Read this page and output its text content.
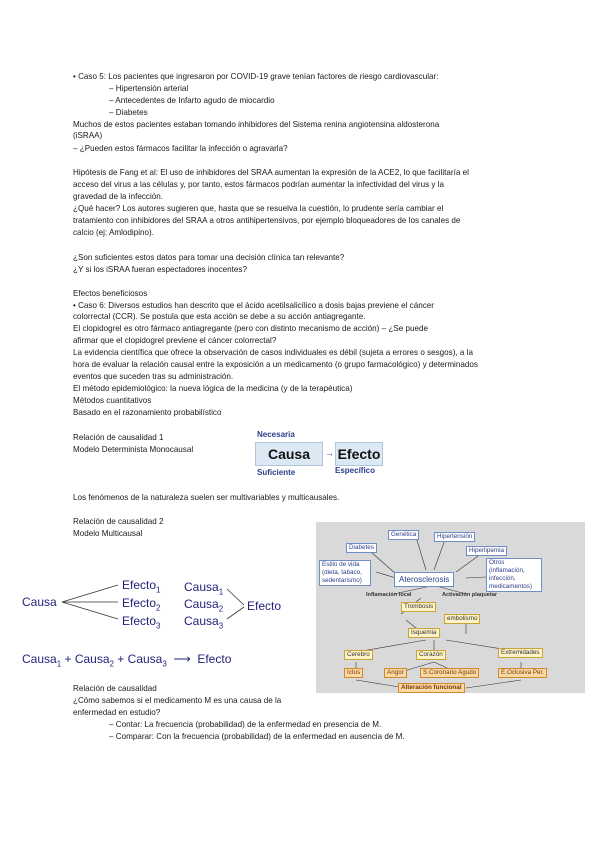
• Caso 5: Los pacientes que ingresaron por COVID-19 grave tenían factores de riesgo cardiovascular:
– Hipertensión arterial
– Antecedentes de Infarto agudo de miocardio
– Diabetes
Muchos de estos pacientes estaban tomando inhibidores del Sistema renina angiotensina aldosterona
(iSRAA)
– ¿Pueden estos fármacos facilitar la infección o agravarla?
Hipótesis de Fang et al: El uso de inhibidores del SRAA aumentan la expresión de la ACE2, lo que facilitaría el
acceso del virus a las células y, por tanto, estos fármacos podrían aumentar la infectividad del virus y la
gravedad de la infección.
¿Qué hacer? Los autores sugieren que, hasta que se resuelva la cuestión, lo prudente sería cambiar el
tratamiento con inhibidores del SRAA a otros antihipertensivos, por ejemplo bloqueadores de los canales de
calcio (ej: Amlodipino).
¿Son suficientes estos datos para tomar una decisión clínica tan relevante?
¿Y si los iSRAA fueran espectadores inocentes?
Efectos beneficiosos
• Caso 6: Diversos estudios han descrito que el ácido acetilsalicílico a dosis bajas previene el cáncer
colorrectal (CCR). Se postula que esta acción se debe a su acción antiagregante.
El clopidogrel es otro fármaco antiagregante (pero con distinto mecanismo de acción) – ¿Se puede
afirmar que el clopidogrel previene el cáncer colorrectal?
La evidencia científica que ofrece la observación de casos individuales es débil (sujeta a errores o sesgos), a la
hora de evaluar la relación causal entre la exposición a un medicamento (o grupo farmacológico) y determinados
eventos que suceden tras su administración.
El método epidemiológico: la nueva lógica de la medicina (y de la terapéutica)
Métodos cuantitativos
Basado en el razonamiento probabilístico
Relación de causalidad 1
Modelo Determinista Monocausal
Necesaria
Causa	→ Efecto
Suficiente	Específico
Los fenómenos de la naturaleza suelen ser multivariables y multicausales.
Relación de causalidad 2
Modelo Multicausal
Causa
Efecto$_1$
Efecto$_2$
Efecto$_3$
Causa$_1$
Causa$_2$
Causa$_3$
Efecto
Causa$_1$ + Causa$_2$ + Causa$_3$  ⟶  Efecto
Genética	Hipertensión
Diabetes	Hiperlipemia
Estilo de vida (dieta, tabaco, sedentarismo)
Otros (inflamación, infección, medicamentos)
Aterosclerosis
Inflamación local	Activación plaquetar
Trombosis
embolismo
Isquemia
Cerebro	Corazón	Extremidades
Ictus	Angor	S.Coronario Agudo	E.Oclusiva Per.
Alteración funcional
Relación de causalidad
¿Cómo sabemos si el medicamento M es una causa de la
enfermedad en estudio?
– Contar: La frecuencia (probabilidad) de la enfermedad en presencia de M.
– Comparar: Con la frecuencia (probabilidad) de la enfermedad en ausencia de M.
